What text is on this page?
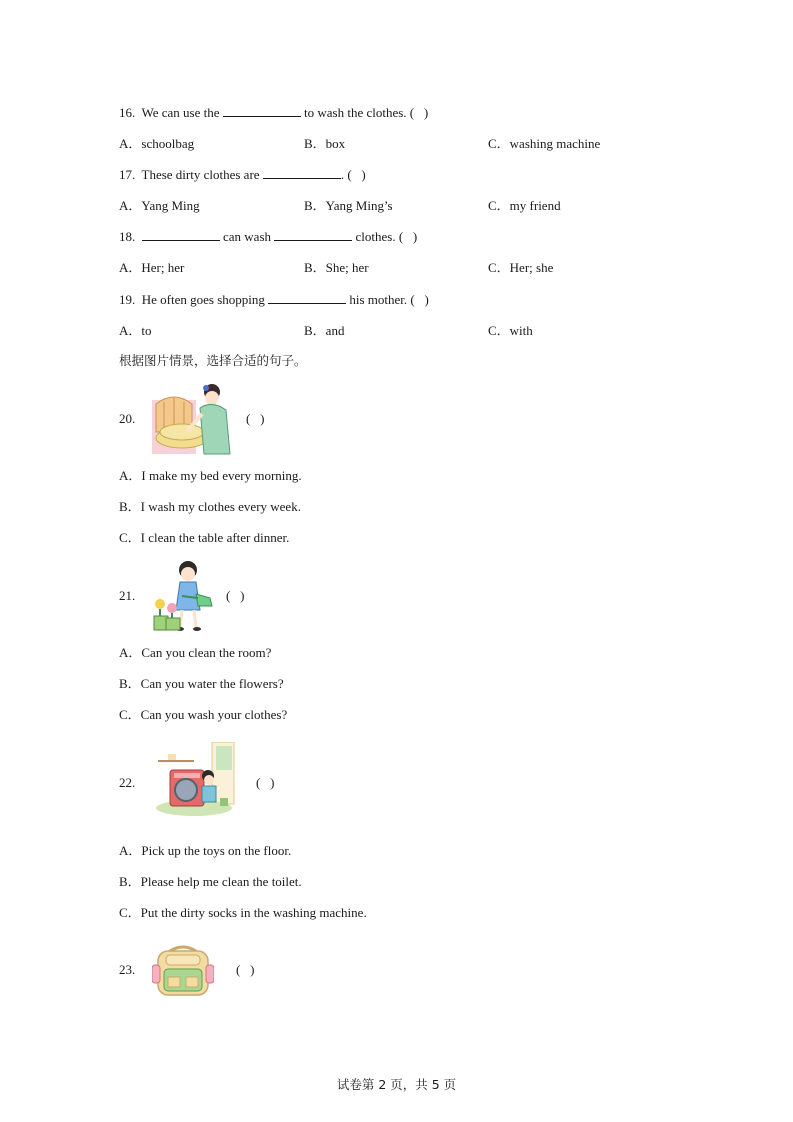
16. We can use the	to wash the clothes. (   )
A．schoolbag	B．box	C．washing machine
17. These dirty clothes are	. (   )
A．Yang Ming	B．Yang Ming’s	C．my friend
18.	can wash	clothes. (   )
A．Her; her	B．She; her	C．Her; she
19. He often goes shopping	his mother. (   )
A．to	B．and	C．with
根据图片情景，选择合适的句子。
20.	(   )
A．I make my bed every morning.
B．I wash my clothes every week.
C．I clean the table after dinner.
21.	(   )
A．Can you clean the room?
B．Can you water the flowers?
C．Can you wash your clothes?
22.	(   )
A．Pick up the toys on the floor.
B．Please help me clean the toilet.
C．Put the dirty socks in the washing machine.
23.	(   )
试卷第 2 页，共 5 页
